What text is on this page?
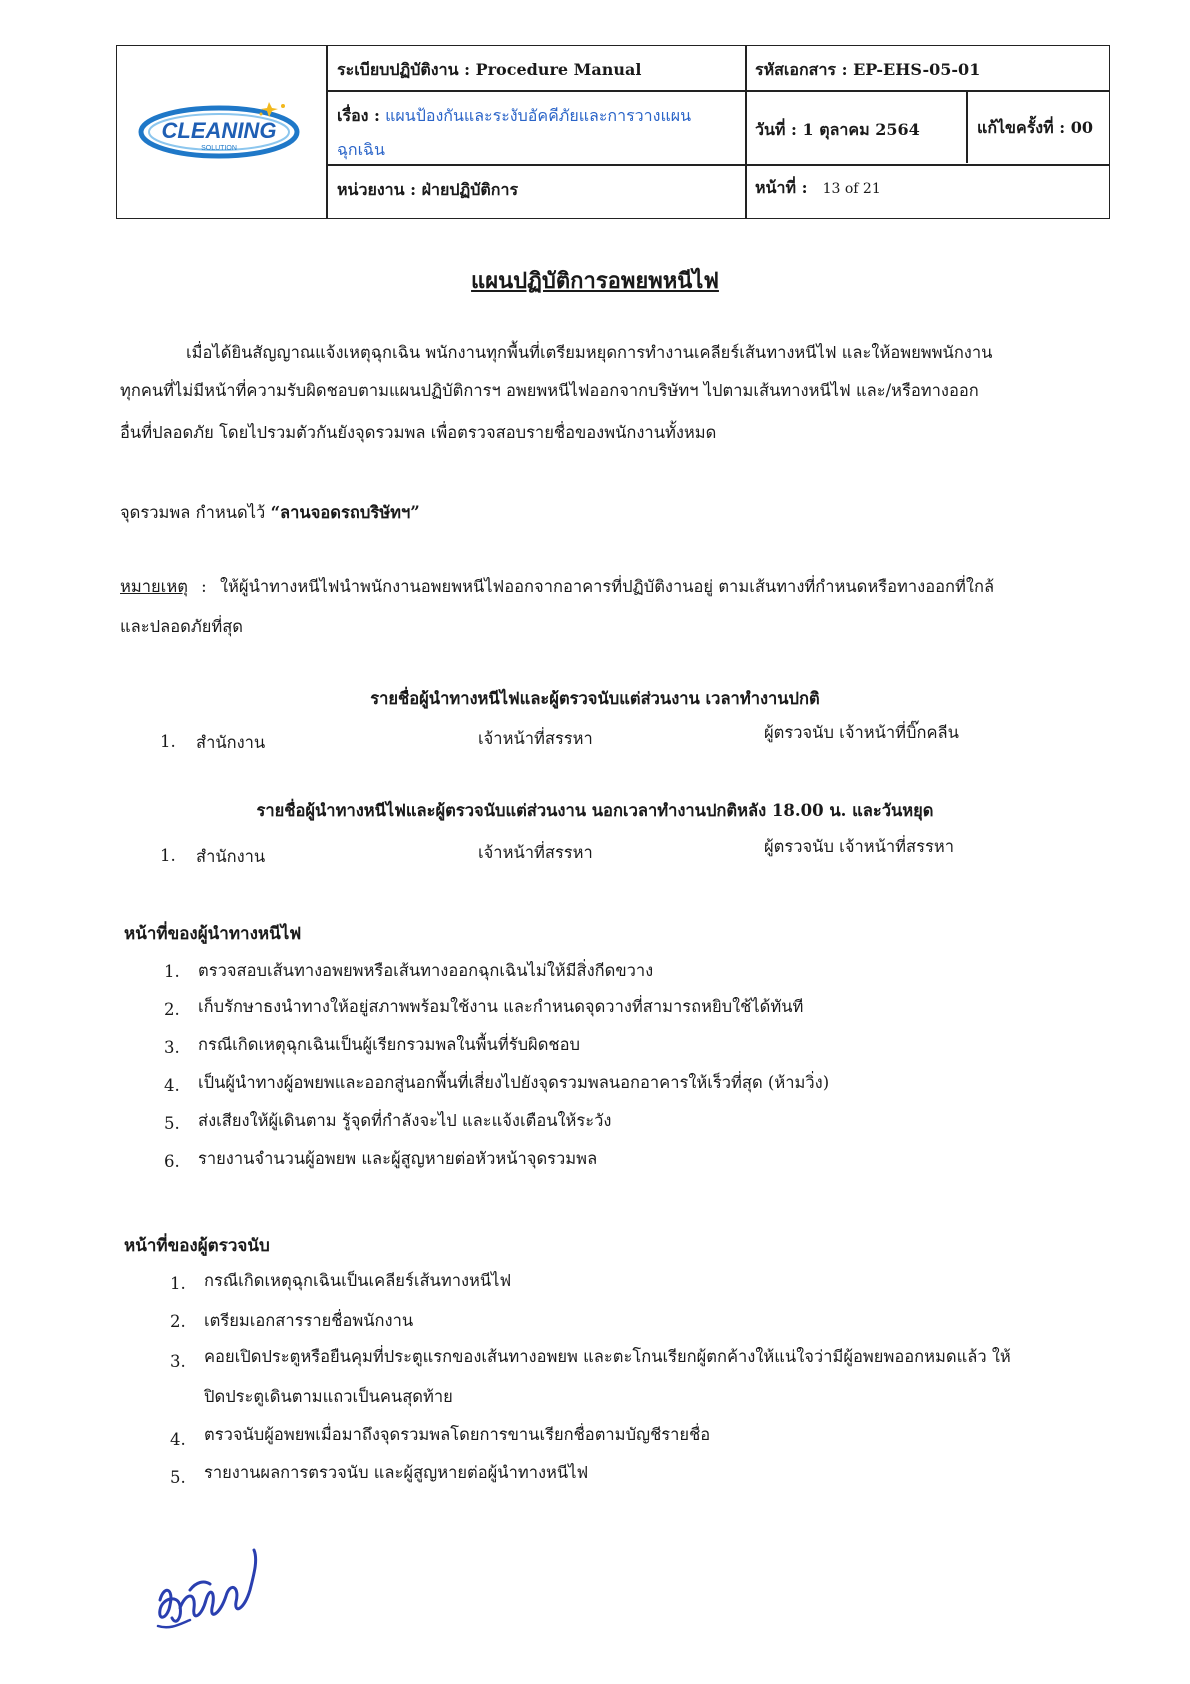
CLEANING
SOLUTION
ระเบียบปฏิบัติงาน : Procedure Manual	รหัสเอกสาร : EP-EHS-05-01
เรื่อง : แผนป้องกันและระงับอัคคีภัยและการวางแผน
ฉุกเฉิน
วันที่ : 1 ตุลาคม 2564	แก้ไขครั้งที่ : 00
หน่วยงาน : ฝ่ายปฏิบัติการ	หน้าที่ : 13 of 21
แผนปฏิบัติการอพยพหนีไฟ
เมื่อได้ยินสัญญาณแจ้งเหตุฉุกเฉิน พนักงานทุกพื้นที่เตรียมหยุดการทำงานเคลียร์เส้นทางหนีไฟ และให้อพยพพนักงาน
ทุกคนที่ไม่มีหน้าที่ความรับผิดชอบตามแผนปฏิบัติการฯ อพยพหนีไฟออกจากบริษัทฯ ไปตามเส้นทางหนีไฟ และ/หรือทางออก
อื่นที่ปลอดภัย โดยไปรวมตัวกันยังจุดรวมพล เพื่อตรวจสอบรายชื่อของพนักงานทั้งหมด
จุดรวมพล กำหนดไว้ “ลานจอดรถบริษัทฯ”
หมายเหตุ : ให้ผู้นำทางหนีไฟนำพนักงานอพยพหนีไฟออกจากอาคารที่ปฏิบัติงานอยู่ ตามเส้นทางที่กำหนดหรือทางออกที่ใกล้
และปลอดภัยที่สุด
รายชื่อผู้นำทางหนีไฟและผู้ตรวจนับแต่ส่วนงาน เวลาทำงานปกติ
1. สำนักงาน	เจ้าหน้าที่สรรหา	ผู้ตรวจนับ เจ้าหน้าที่บิ๊กคลีน
รายชื่อผู้นำทางหนีไฟและผู้ตรวจนับแต่ส่วนงาน นอกเวลาทำงานปกติหลัง 18.00 น. และวันหยุด
1. สำนักงาน	เจ้าหน้าที่สรรหา	ผู้ตรวจนับ เจ้าหน้าที่สรรหา
หน้าที่ของผู้นำทางหนีไฟ
1. ตรวจสอบเส้นทางอพยพหรือเส้นทางออกฉุกเฉินไม่ให้มีสิ่งกีดขวาง
2. เก็บรักษาธงนำทางให้อยู่สภาพพร้อมใช้งาน และกำหนดจุดวางที่สามารถหยิบใช้ได้ทันที
3. กรณีเกิดเหตุฉุกเฉินเป็นผู้เรียกรวมพลในพื้นที่รับผิดชอบ
4. เป็นผู้นำทางผู้อพยพและออกสู่นอกพื้นที่เสี่ยงไปยังจุดรวมพลนอกอาคารให้เร็วที่สุด (ห้ามวิ่ง)
5. ส่งเสียงให้ผู้เดินตาม รู้จุดที่กำลังจะไป และแจ้งเตือนให้ระวัง
6. รายงานจำนวนผู้อพยพ และผู้สูญหายต่อหัวหน้าจุดรวมพล
หน้าที่ของผู้ตรวจนับ
1. กรณีเกิดเหตุฉุกเฉินเป็นเคลียร์เส้นทางหนีไฟ
2. เตรียมเอกสารรายชื่อพนักงาน
3. คอยเปิดประตูหรือยืนคุมที่ประตูแรกของเส้นทางอพยพ และตะโกนเรียกผู้ตกค้างให้แน่ใจว่ามีผู้อพยพออกหมดแล้ว ให้
ปิดประตูเดินตามแถวเป็นคนสุดท้าย
4. ตรวจนับผู้อพยพเมื่อมาถึงจุดรวมพลโดยการขานเรียกชื่อตามบัญชีรายชื่อ
5. รายงานผลการตรวจนับ และผู้สูญหายต่อผู้นำทางหนีไฟ
